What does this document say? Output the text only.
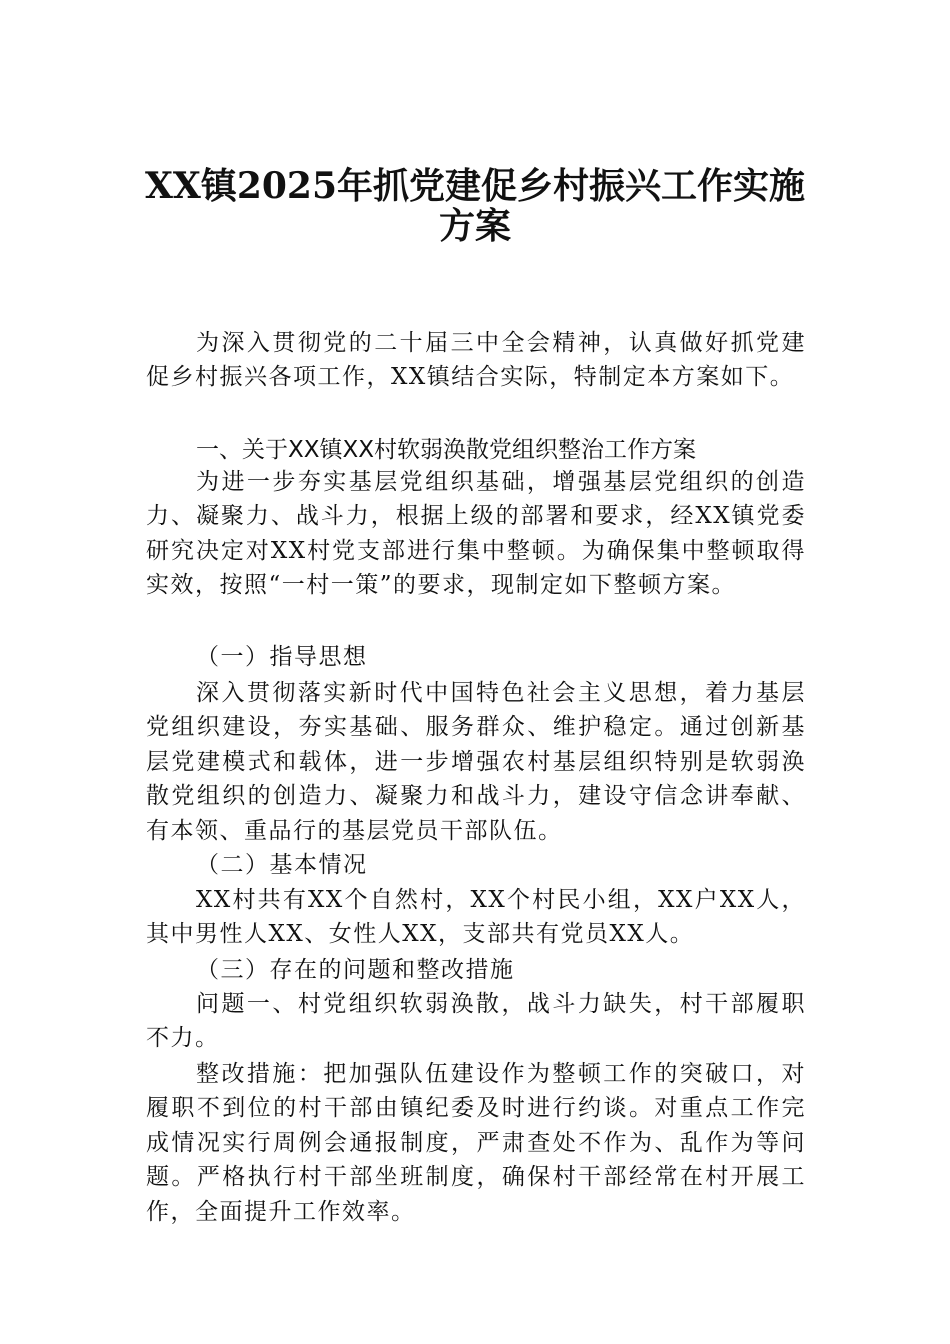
XX镇2025年抓党建促乡村振兴工作实施
方案
为深入贯彻党的二十届三中全会精神，认真做好抓党建促乡村振兴各项工作，XX镇结合实际，特制定本方案如下。
一、关于XX镇XX村软弱涣散党组织整治工作方案
为进一步夯实基层党组织基础，增强基层党组织的创造力、凝聚力、战斗力，根据上级的部署和要求，经XX镇党委研究决定对XX村党支部进行集中整顿。为确保集中整顿取得实效，按照“一村一策”的要求，现制定如下整顿方案。
（一）指导思想
深入贯彻落实新时代中国特色社会主义思想，着力基层党组织建设，夯实基础、服务群众、维护稳定。通过创新基层党建模式和载体，进一步增强农村基层组织特别是软弱涣散党组织的创造力、凝聚力和战斗力，建设守信念讲奉献、有本领、重品行的基层党员干部队伍。
（二）基本情况
XX村共有XX个自然村，XX个村民小组，XX户XX人，其中男性人XX、女性人XX，支部共有党员XX人。
（三）存在的问题和整改措施
问题一、村党组织软弱涣散，战斗力缺失，村干部履职不力。
整改措施：把加强队伍建设作为整顿工作的突破口，对履职不到位的村干部由镇纪委及时进行约谈。对重点工作完成情况实行周例会通报制度，严肃查处不作为、乱作为等问题。严格执行村干部坐班制度，确保村干部经常在村开展工作，全面提升工作效率。
